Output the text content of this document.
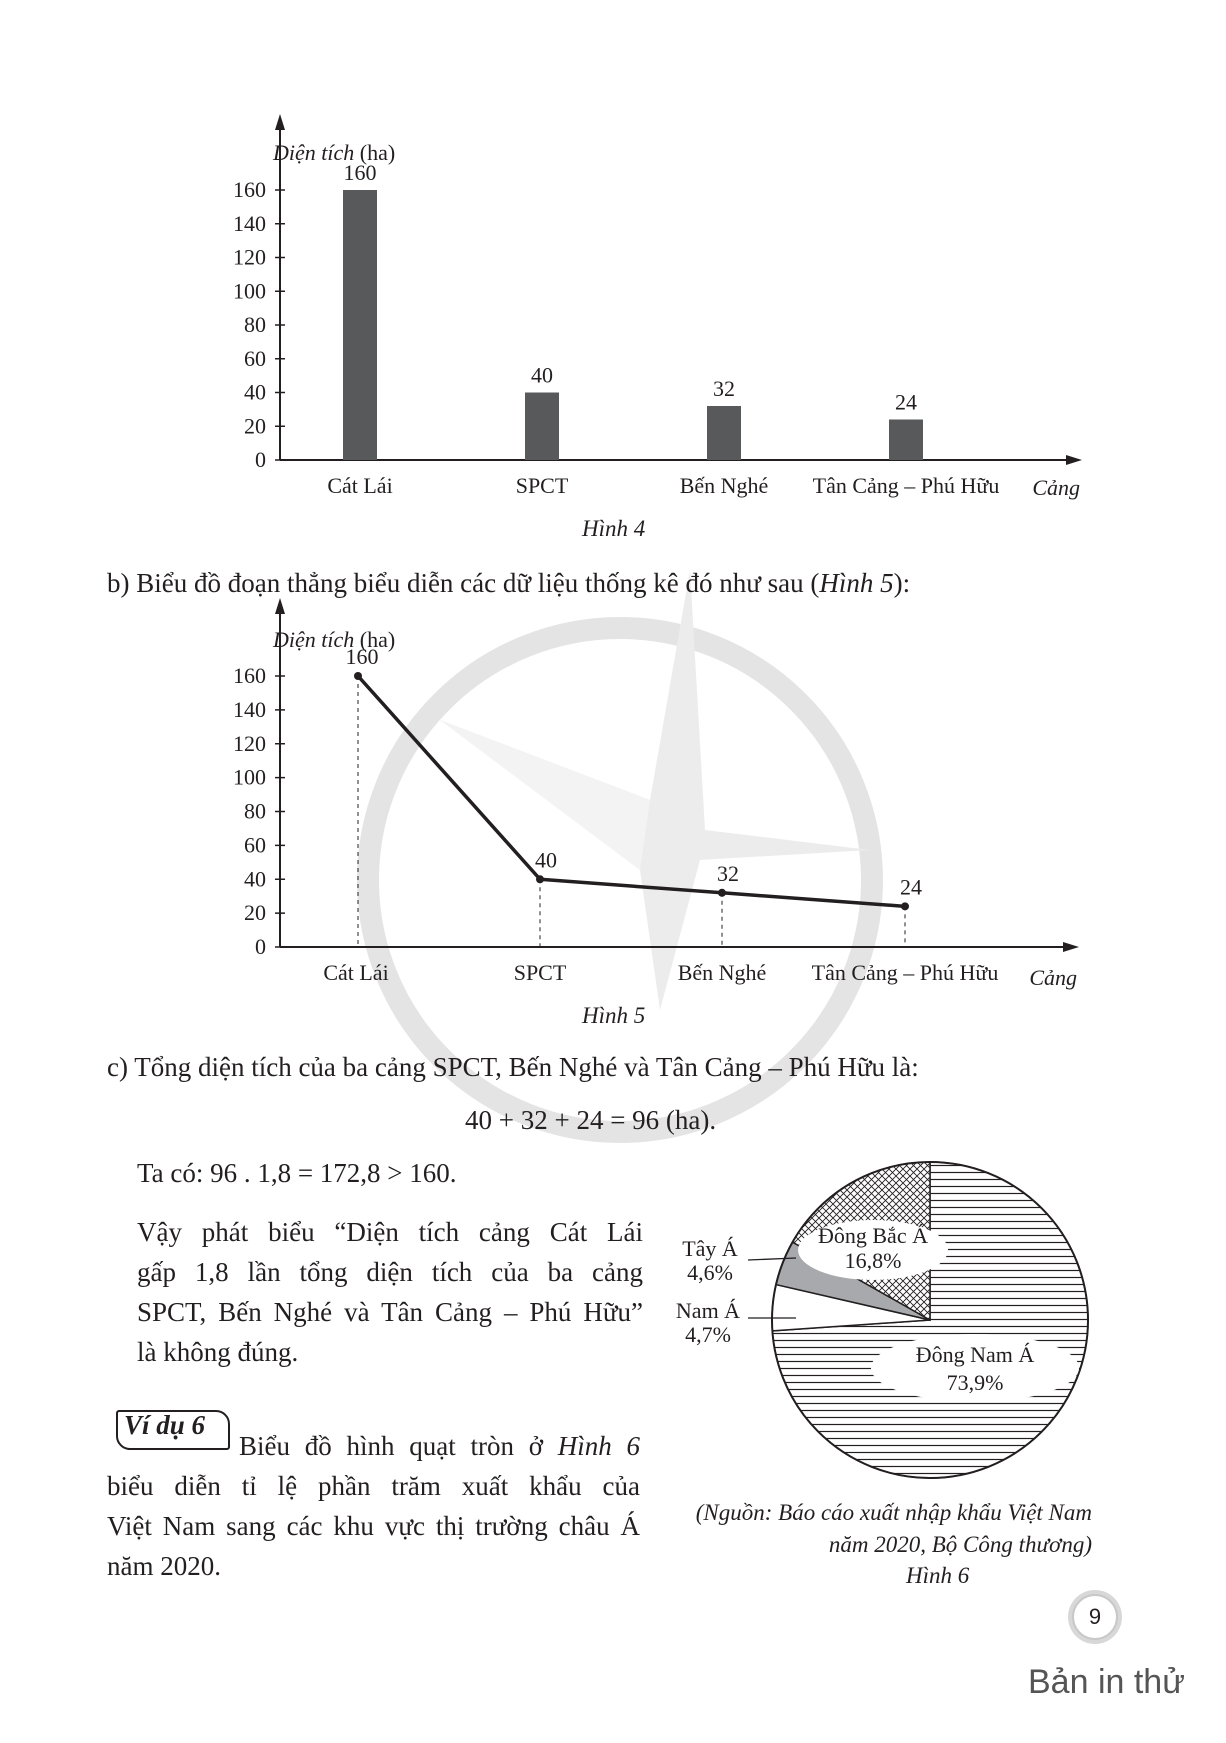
0
20
40
60
80
100
120
140
160
160
Cát Lái
40
SPCT
32
Bến Nghé
24
Tân Cảng – Phú Hữu
Diện tích (ha)
Cảng
Hình 4
b) Biểu đồ đoạn thẳng biểu diễn các dữ liệu thống kê đó như sau (Hình 5):
0
20
40
60
80
100
120
140
160
160
Cát Lái
40
SPCT
32
Bến Nghé
24
Tân Cảng – Phú Hữu
Diện tích (ha)
Cảng
Hình 5
c) Tổng diện tích của ba cảng SPCT, Bến Nghé và Tân Cảng – Phú Hữu là:
40 + 32 + 24 = 96 (ha).
Ta có: 96 . 1,8 = 172,8 > 160.
Vậy phát biểu “Diện tích cảng Cát Lái
gấp 1,8 lần tổng diện tích của ba cảng
SPCT, Bến Nghé và Tân Cảng – Phú Hữu”
là không đúng.
Ví dụ 6
Biểu đồ hình quạt tròn ở Hình 6
biểu diễn tỉ lệ phần trăm xuất khẩu của
Việt Nam sang các khu vực thị trường châu Á
năm 2020.
Đông Nam Á
73,9%
Nam Á
4,7%
Tây Á
4,6%
Đông Bắc Á
16,8%
(Nguồn: Báo cáo xuất nhập khẩu Việt Nam
năm 2020, Bộ Công thương)
Hình 6
9
Bản in thử
